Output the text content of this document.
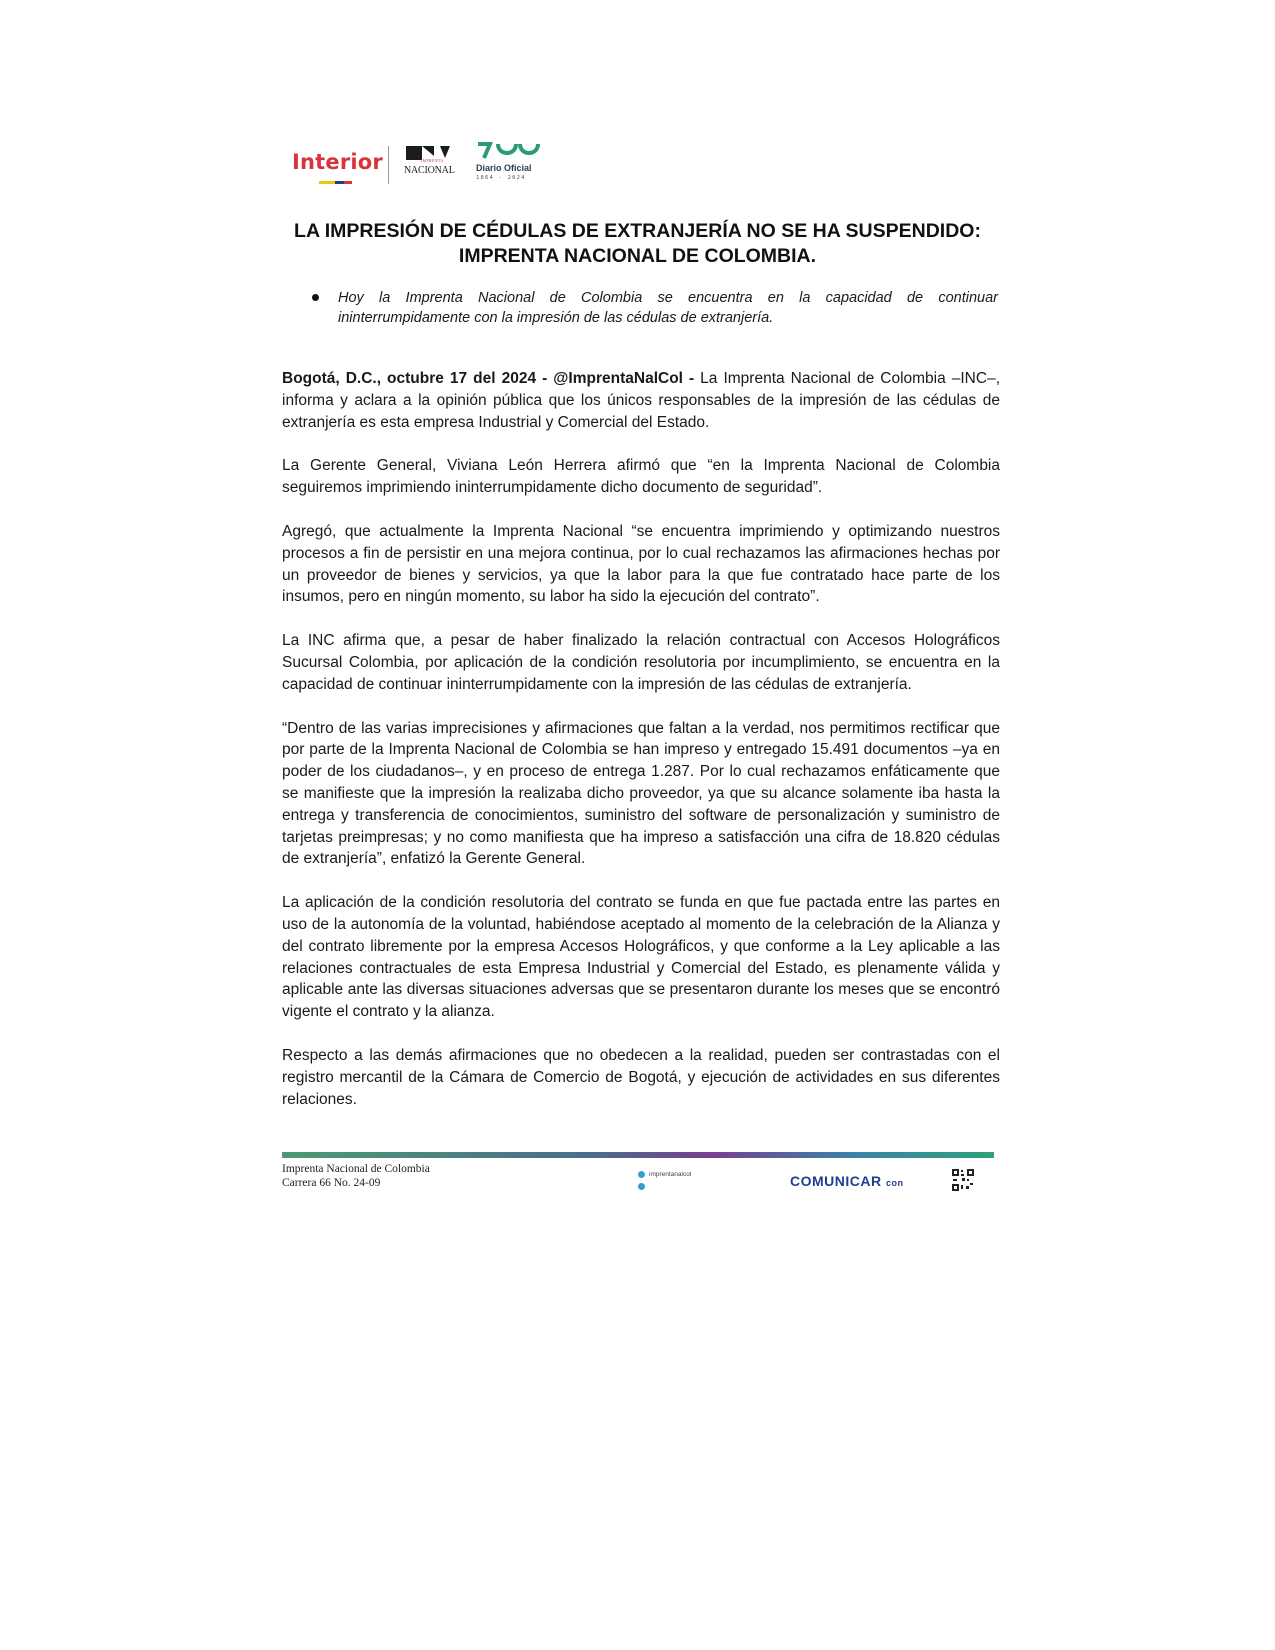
Interior	IMPRENTA
NACIONAL Diario Oficial
1864 - 2024
LA IMPRESIÓN DE CÉDULAS DE EXTRANJERÍA NO SE HA SUSPENDIDO:
IMPRENTA NACIONAL DE COLOMBIA.
Hoy la Imprenta Nacional de Colombia se encuentra en la capacidad de continuar ininterrumpidamente con la impresión de las cédulas de extranjería.

Bogotá, D.C., octubre 17 del 2024 - @ImprentaNalCol - La Imprenta Nacional de Colombia –INC–, informa y aclara a la opinión pública que los únicos responsables de la impresión de las cédulas de extranjería es esta empresa Industrial y Comercial del Estado.

La Gerente General, Viviana León Herrera afirmó que “en la Imprenta Nacional de Colombia seguiremos imprimiendo ininterrumpidamente dicho documento de seguridad”.

Agregó, que actualmente la Imprenta Nacional “se encuentra imprimiendo y optimizando nuestros procesos a fin de persistir en una mejora continua, por lo cual rechazamos las afirmaciones hechas por un proveedor de bienes y servicios, ya que la labor para la que fue contratado hace parte de los insumos, pero en ningún momento, su labor ha sido la ejecución del contrato”.

La INC afirma que, a pesar de haber finalizado la relación contractual con Accesos Holográficos Sucursal Colombia, por aplicación de la condición resolutoria por incumplimiento, se encuentra en la capacidad de continuar ininterrumpidamente con la impresión de las cédulas de extranjería.

“Dentro de las varias imprecisiones y afirmaciones que faltan a la verdad, nos permitimos rectificar que por parte de la Imprenta Nacional de Colombia se han impreso y entregado 15.491 documentos –ya en poder de los ciudadanos–, y en proceso de entrega 1.287. Por lo cual rechazamos enfáticamente que se manifieste que la impresión la realizaba dicho proveedor, ya que su alcance solamente iba hasta la entrega y transferencia de conocimientos, suministro del software de personalización y suministro de tarjetas preimpresas; y no como manifiesta que ha impreso a satisfacción una cifra de 18.820 cédulas de extranjería”, enfatizó la Gerente General.

La aplicación de la condición resolutoria del contrato se funda en que fue pactada entre las partes en uso de la autonomía de la voluntad, habiéndose aceptado al momento de la celebración de la Alianza y del contrato libremente por la empresa Accesos Holográficos, y que conforme a la Ley aplicable a las relaciones contractuales de esta Empresa Industrial y Comercial del Estado, es plenamente válida y aplicable ante las diversas situaciones adversas que se presentaron durante los meses que se encontró vigente el contrato y la alianza.

Respecto a las demás afirmaciones que no obedecen a la realidad, pueden ser contrastadas con el registro mercantil de la Cámara de Comercio de Bogotá, y ejecución de actividades en sus diferentes relaciones.

Imprenta Nacional de Colombia
Carrera 66 No. 24-09
imprentanalcol	COMUNICAR con
